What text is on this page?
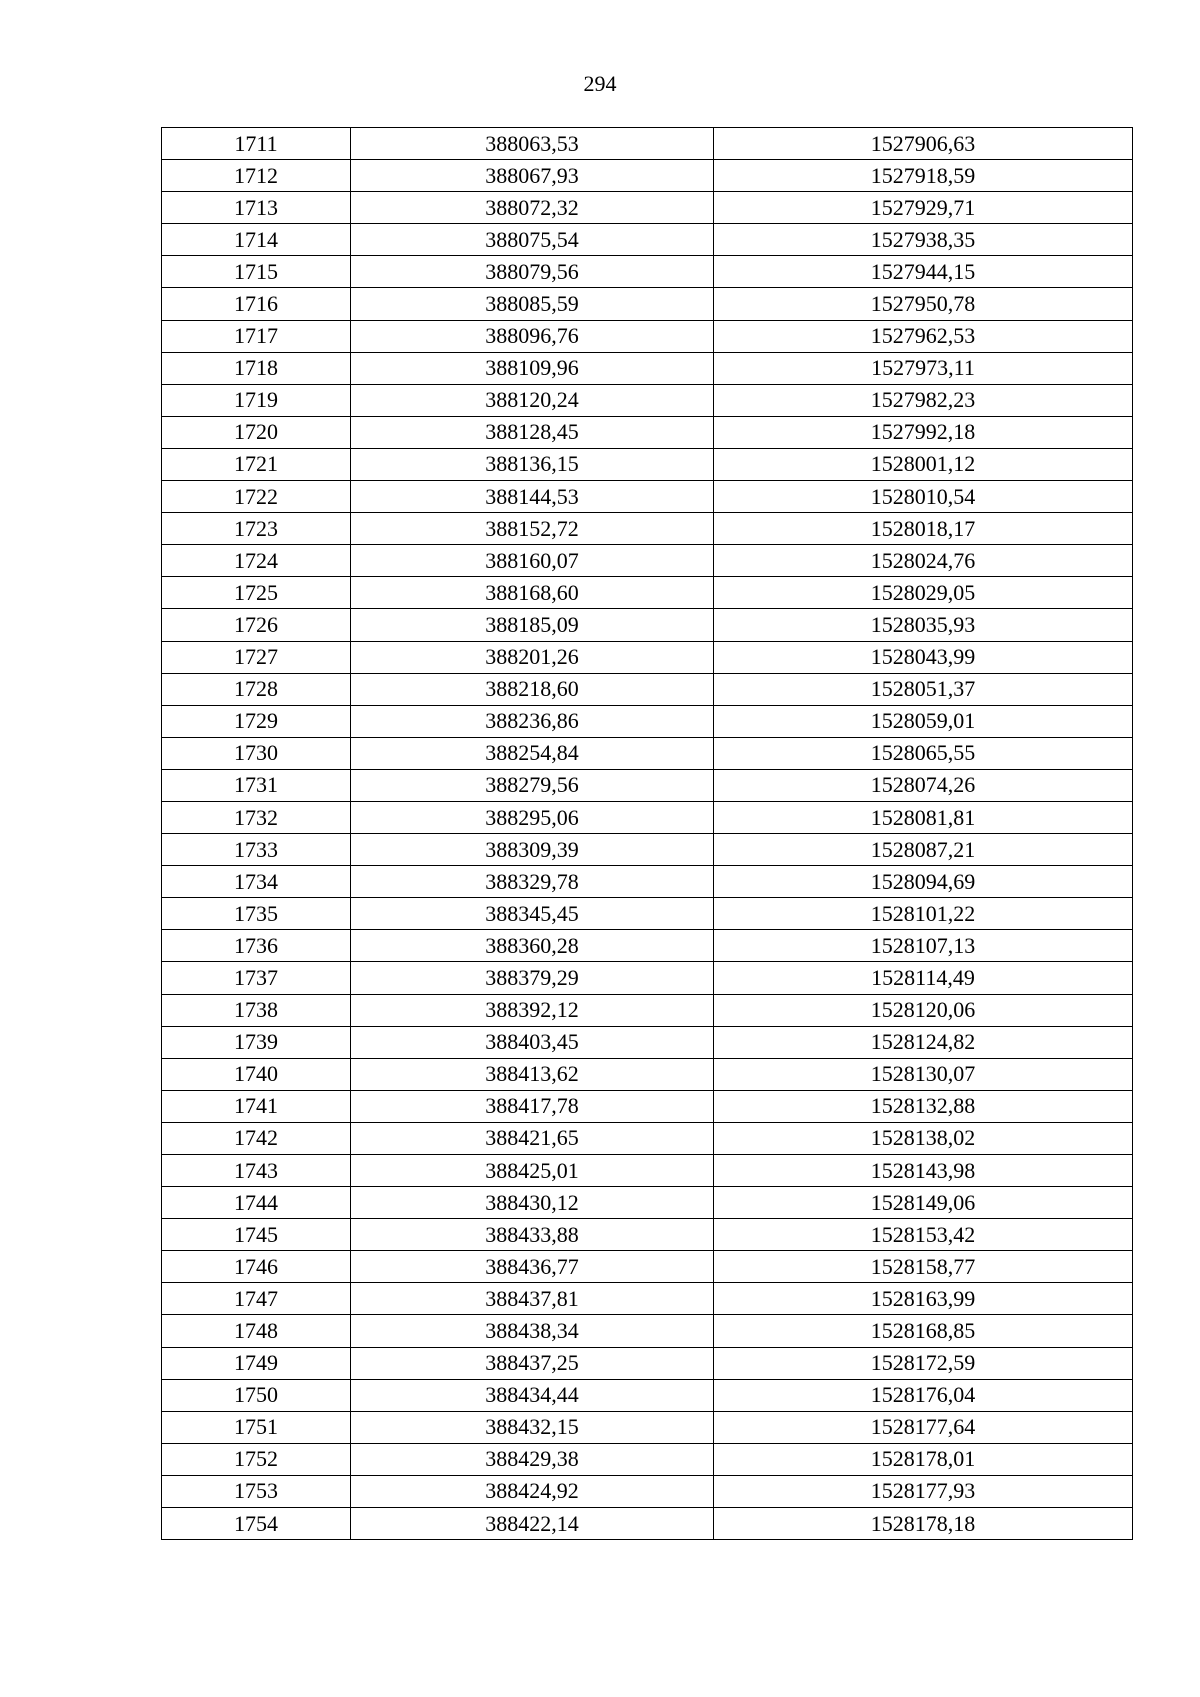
294
1711	388063,53	1527906,63
1712	388067,93	1527918,59
1713	388072,32	1527929,71
1714	388075,54	1527938,35
1715	388079,56	1527944,15
1716	388085,59	1527950,78
1717	388096,76	1527962,53
1718	388109,96	1527973,11
1719	388120,24	1527982,23
1720	388128,45	1527992,18
1721	388136,15	1528001,12
1722	388144,53	1528010,54
1723	388152,72	1528018,17
1724	388160,07	1528024,76
1725	388168,60	1528029,05
1726	388185,09	1528035,93
1727	388201,26	1528043,99
1728	388218,60	1528051,37
1729	388236,86	1528059,01
1730	388254,84	1528065,55
1731	388279,56	1528074,26
1732	388295,06	1528081,81
1733	388309,39	1528087,21
1734	388329,78	1528094,69
1735	388345,45	1528101,22
1736	388360,28	1528107,13
1737	388379,29	1528114,49
1738	388392,12	1528120,06
1739	388403,45	1528124,82
1740	388413,62	1528130,07
1741	388417,78	1528132,88
1742	388421,65	1528138,02
1743	388425,01	1528143,98
1744	388430,12	1528149,06
1745	388433,88	1528153,42
1746	388436,77	1528158,77
1747	388437,81	1528163,99
1748	388438,34	1528168,85
1749	388437,25	1528172,59
1750	388434,44	1528176,04
1751	388432,15	1528177,64
1752	388429,38	1528178,01
1753	388424,92	1528177,93
1754	388422,14	1528178,18
